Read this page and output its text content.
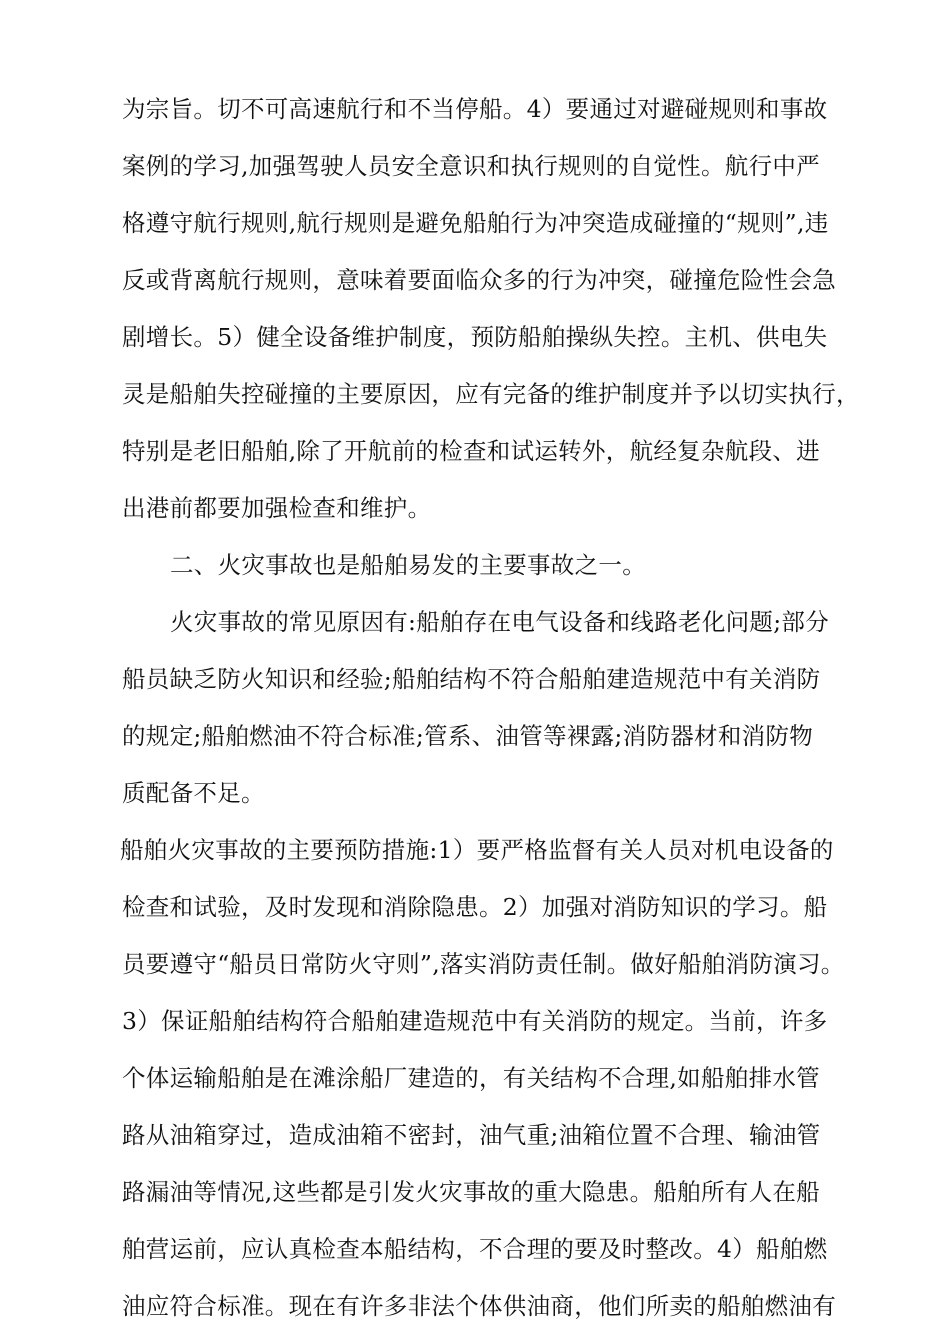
为宗旨。切不可高速航行和不当停船。4）要通过对避碰规则和事故
案例的学习,加强驾驶人员安全意识和执行规则的自觉性。航行中严
格遵守航行规则,航行规则是避免船舶行为冲突造成碰撞的“规则”,违
反或背离航行规则，意味着要面临众多的行为冲突，碰撞危险性会急
剧增长。5）健全设备维护制度，预防船舶操纵失控。主机、供电失
灵是船舶失控碰撞的主要原因，应有完备的维护制度并予以切实执行，
特别是老旧船舶,除了开航前的检查和试运转外，航经复杂航段、进
出港前都要加强检查和维护。
二、火灾事故也是船舶易发的主要事故之一。
火灾事故的常见原因有:船舶存在电气设备和线路老化问题;部分
船员缺乏防火知识和经验;船舶结构不符合船舶建造规范中有关消防
的规定;船舶燃油不符合标准;管系、油管等裸露;消防器材和消防物
质配备不足。
船舶火灾事故的主要预防措施:1）要严格监督有关人员对机电设备的
检查和试验，及时发现和消除隐患。2）加强对消防知识的学习。船
员要遵守“船员日常防火守则”,落实消防责任制。做好船舶消防演习。
3）保证船舶结构符合船舶建造规范中有关消防的规定。当前，许多
个体运输船舶是在滩涂船厂建造的，有关结构不合理,如船舶排水管
路从油箱穿过，造成油箱不密封，油气重;油箱位置不合理、输油管
路漏油等情况,这些都是引发火灾事故的重大隐患。船舶所有人在船
舶营运前，应认真检查本船结构，不合理的要及时整改。4）船舶燃
油应符合标准。现在有许多非法个体供油商，他们所卖的船舶燃油有
